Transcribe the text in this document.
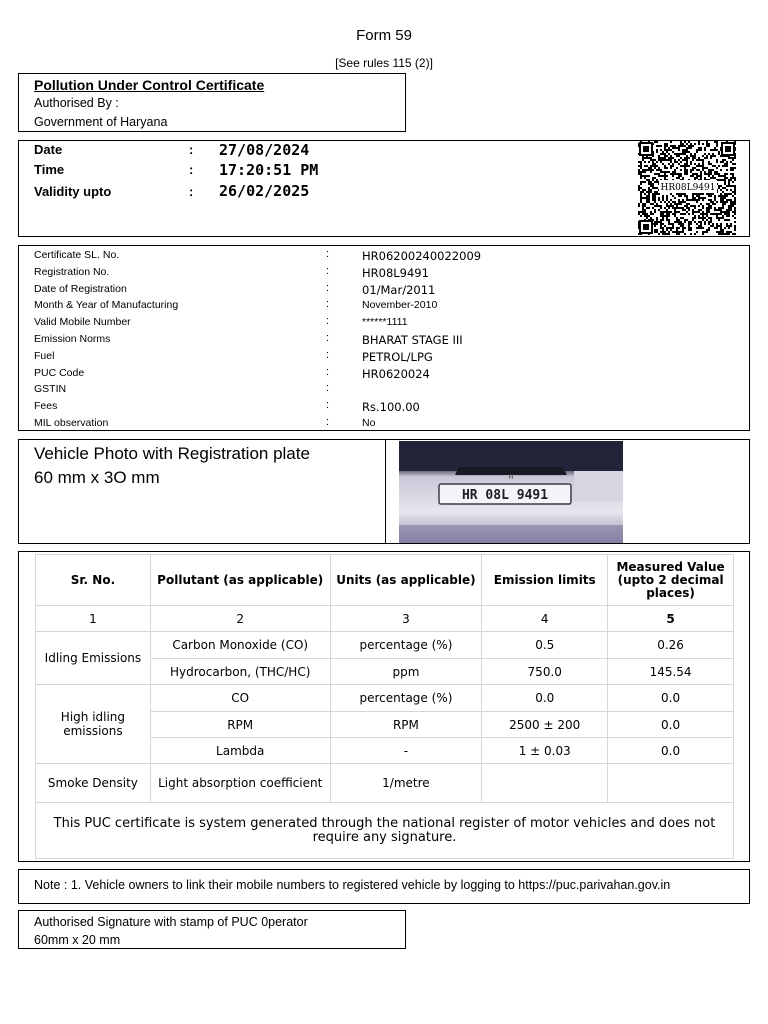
Form 59
[See rules 115 (2)]
Pollution Under Control Certificate
Authorised By :
Government of Haryana
Date	: 27/08/2024
Time	: 17:20:51 PM
Validity upto	: 26/02/2025	HR08L9491
Certificate SL. No.	:	HR06200240022009
Registration No.	:	HR08L9491
Date of Registration	:	01/Mar/2011
Month & Year of Manufacturing	:	November-2010
Valid Mobile Number	:	******1111
Emission Norms	:	BHARAT STAGE III
Fuel	:	PETROL/LPG
PUC Code	:	HR0620024
GSTIN	:
Fees	:	Rs.100.00
MIL observation	:	No
Vehicle Photo with Registration plate
60 mm x 3O mm	ʜ
HR 08L 9491
Sr. No.	Pollutant (as applicable)	Units (as applicable)	Emission limits	Measured Value (upto 2 decimal places)
1	2	3	4	5
Idling Emissions	Carbon Monoxide (CO)	percentage (%)	0.5	0.26
	Hydrocarbon, (THC/HC)	ppm	750.0	145.54
High idling emissions	CO	percentage (%)	0.0	0.0
	RPM	RPM	2500 ± 200	0.0
	Lambda	-	1 ± 0.03	0.0
Smoke Density	Light absorption coefficient	1/metre		
This PUC certificate is system generated through the national register of motor vehicles and does not require any signature.				
Note : 1. Vehicle owners to link their mobile numbers to registered vehicle by logging to https://puc.parivahan.gov.in
Authorised Signature with stamp of PUC 0perator
60mm x 20 mm
